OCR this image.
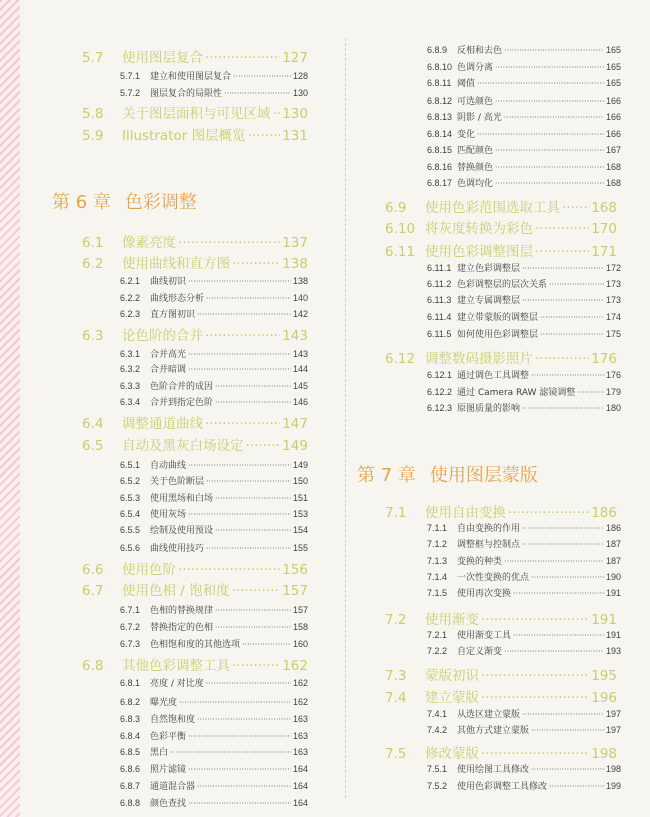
5.7	使用图层复合 ·····	127
5.7.1	建立和使用图层复合 ·····	128
5.7.2	图层复合的局限性 ·····	130
5.8	关于图层面积与可见区域 ····· 130
5.9	Illustrator 图层概览 ·····	131
第 6 章 色彩调整
6.1	像素亮度 ·····	137
6.2	使用曲线和直方图 ·····	138
6.2.1	曲线初识 ·····	138
6.2.2	曲线形态分析 ·····	140
6.2.3	直方图初识 ·····	142
6.3	论色阶的合并 ·····	143
6.3.1	合并高光 ·····	143
6.3.2	合并暗调 ·····	144
6.3.3	色阶合并的成因 ·····	145
6.3.4	合并到指定色阶 ·····	146
6.4	调整通道曲线 ·····	147
6.5	自动及黑灰白场设定 ·····	149
6.5.1	自动曲线 ·····	149
6.5.2	关于色阶断层 ·····	150
6.5.3	使用黑场和白场 ·····	151
6.5.4	使用灰场 ·····	153
6.5.5	绘制及使用预设 ·····	154
6.5.6	曲线使用技巧 ·····	155
6.6	使用色阶 ·····	156
6.7	使用色相 / 饱和度 ·····	157
6.7.1	色相的替换规律 ·····	157
6.7.2	替换指定的色相 ·····	158
6.7.3	色相饱和度的其他选项 ·····	160
6.8	其他色彩调整工具 ·····	162
6.8.1	亮度 / 对比度 ·····	162
6.8.2	曝光度 ·····	162
6.8.3	自然饱和度 ·····	163
6.8.4	色彩平衡 ·····	163
6.8.5	黑白 ·····	163
6.8.6	照片滤镜 ·····	164
6.8.7	通道混合器 ·····	164
6.8.8	颜色查找 ·····	164
6.8.9	反相和去色 ·····	165
6.8.10 色调分离 ·····	165
6.8.11 阈值 ·····	165
6.8.12 可选颜色 ·····	166
6.8.13 阴影 / 高光 ·····	166
6.8.14 变化 ·····	166
6.8.15 匹配颜色 ·····	167
6.8.16 替换颜色 ·····	168
6.8.17 色调均化 ·····	168
6.9	使用色彩范围选取工具 ····· 168
6.10 将灰度转换为彩色 ·····	170
6.11 使用色彩调整图层 ·····	171
6.11.1 建立色彩调整层 ·····	172
6.11.2 色彩调整层的层次关系 ·····	173
6.11.3 建立专属调整层 ·····	173
6.11.4 建立带蒙版的调整层 ·····	174
6.11.5 如何使用色彩调整层 ·····	175
6.12 调整数码摄影照片 ·····	176
6.12.1 通过调色工具调整 ·····	176
6.12.2 通过 Camera RAW 滤镜调整 ·····	179
6.12.3 原图质量的影响 ·····	180
第 7 章 使用图层蒙版
7.1	使用自由变换 ·····	186
7.1.1	自由变换的作用 ·····	186
7.1.2	调整框与控制点 ·····	187
7.1.3	变换的种类 ·····	187
7.1.4	一次性变换的优点 ·····	190
7.1.5	使用再次变换 ·····	191
7.2	使用渐变 ·····	191
7.2.1	使用渐变工具 ·····	191
7.2.2	自定义渐变 ·····	193
7.3	蒙版初识 ·····	195
7.4	建立蒙版 ·····	196
7.4.1	从选区建立蒙版 ·····	197
7.4.2	其他方式建立蒙版 ·····	197
7.5	修改蒙版 ·····	198
7.5.1	使用绘图工具修改 ·····	198
7.5.2	使用色彩调整工具修改 ·····	199
